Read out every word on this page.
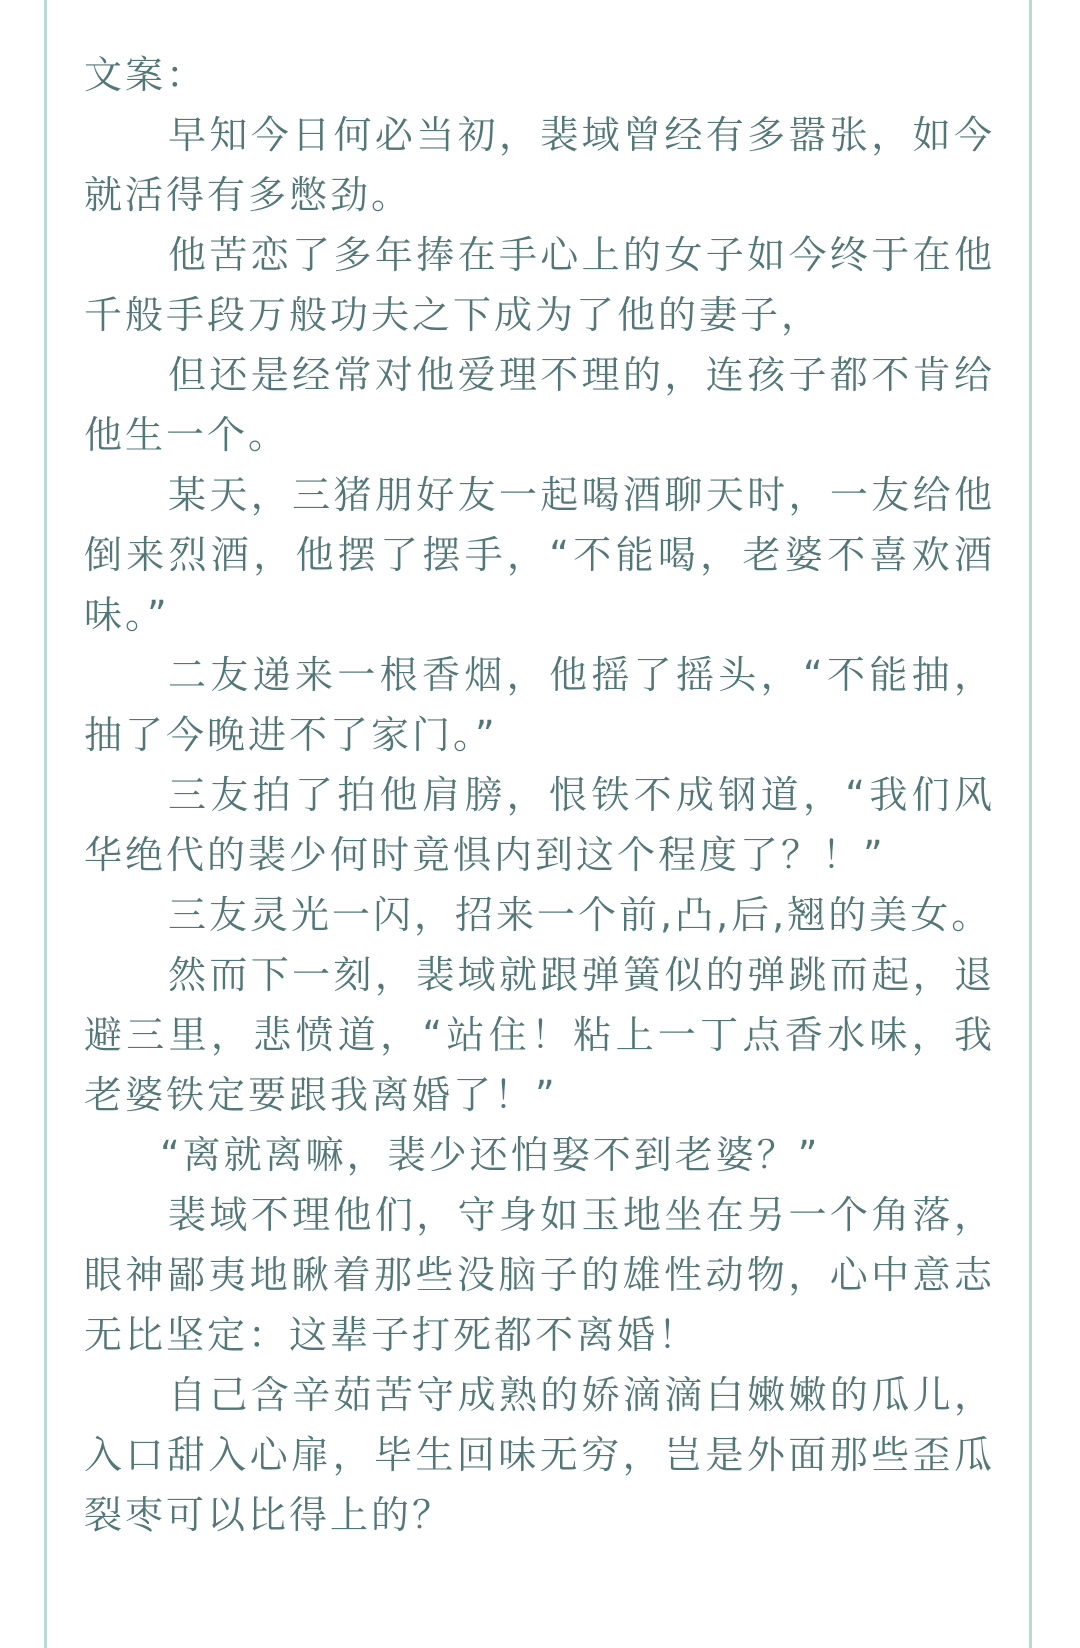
文案：

早知今日何必当初，裴域曾经有多嚣张，如今就活得有多憋劲。

他苦恋了多年捧在手心上的女子如今终于在他千般手段万般功夫之下成为了他的妻子，

但还是经常对他爱理不理的，连孩子都不肯给他生一个。

某天，三猪朋好友一起喝酒聊天时，一友给他倒来烈酒，他摆了摆手，“不能喝，老婆不喜欢酒味。”

二友递来一根香烟，他摇了摇头，“不能抽，抽了今晚进不了家门。”

三友拍了拍他肩膀，恨铁不成钢道，“我们风华绝代的裴少何时竟惧内到这个程度了？！”

三友灵光一闪，招来一个前,凸,后,翘的美女。

然而下一刻，裴域就跟弹簧似的弹跳而起，退避三里，悲愤道，“站住！粘上一丁点香水味，我老婆铁定要跟我离婚了！”

“离就离嘛，裴少还怕娶不到老婆？”

裴域不理他们，守身如玉地坐在另一个角落，眼神鄙夷地瞅着那些没脑子的雄性动物，心中意志无比坚定：这辈子打死都不离婚！

自己含辛茹苦守成熟的娇滴滴白嫩嫩的瓜儿，入口甜入心扉，毕生回味无穷，岂是外面那些歪瓜裂枣可以比得上的？
